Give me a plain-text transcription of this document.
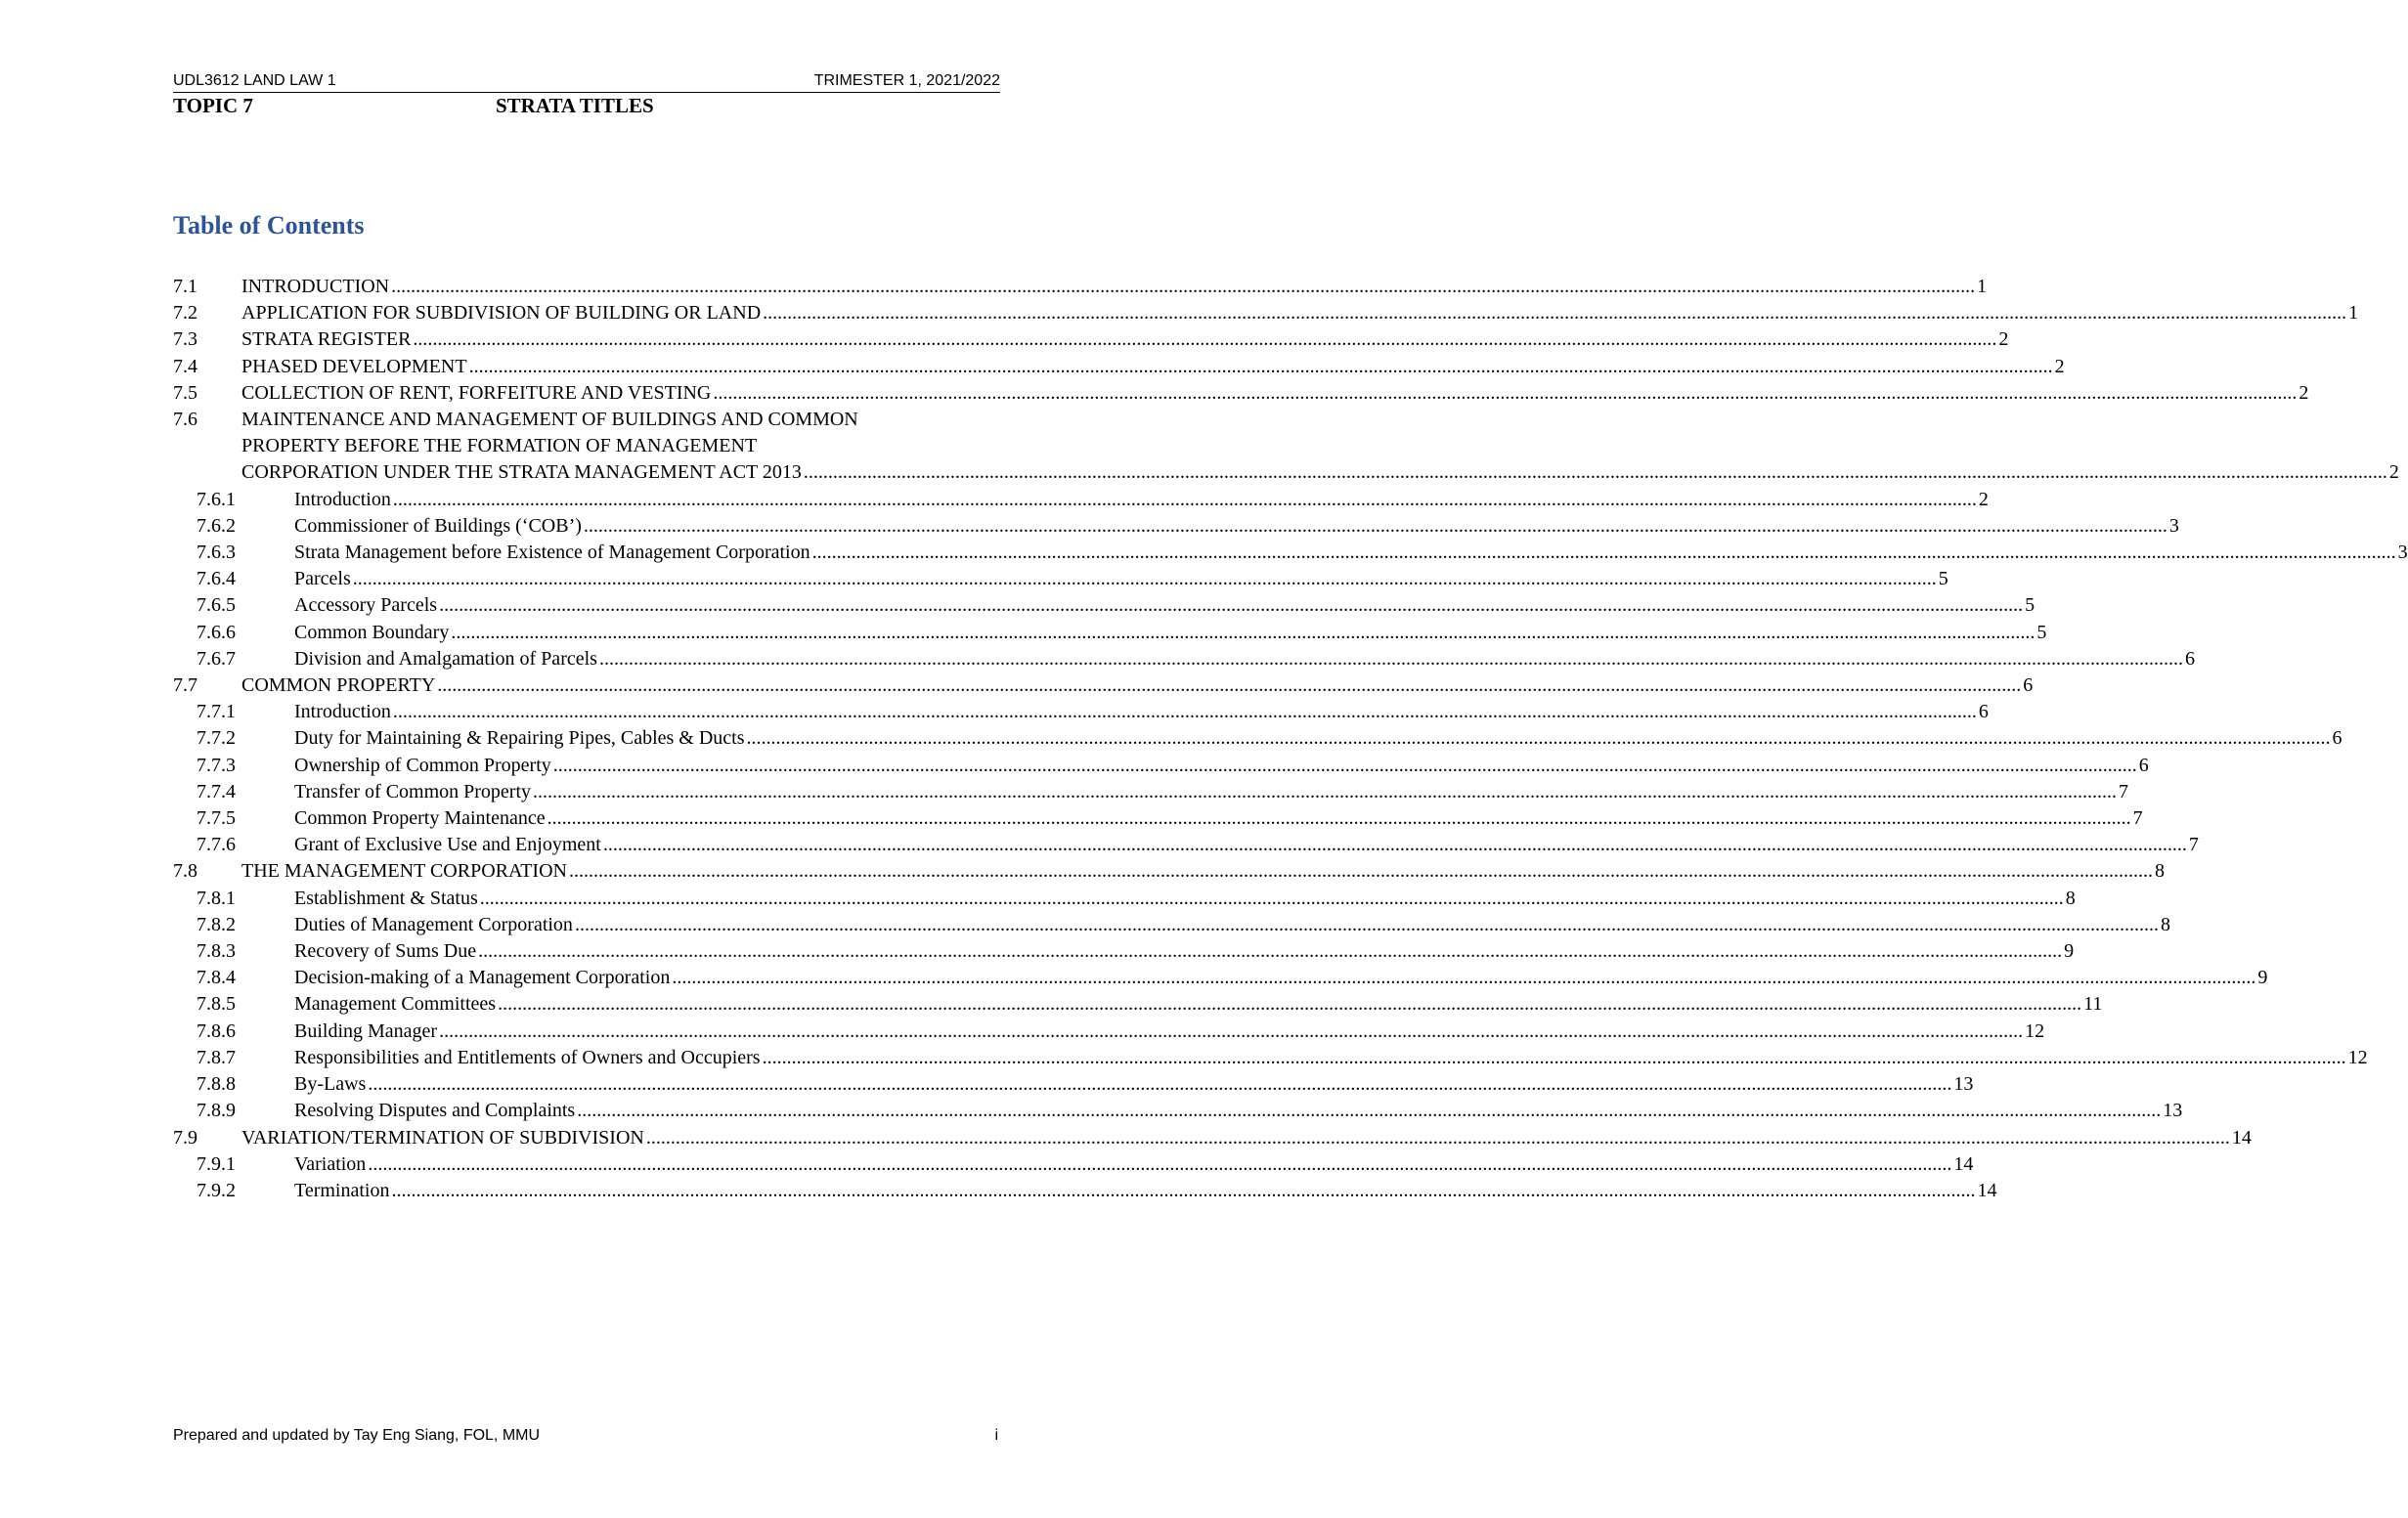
UDL3612 LAND LAW 1	TRIMESTER 1, 2021/2022
TOPIC 7	STRATA TITLES
Table of Contents
7.1	INTRODUCTION .....	1
7.2	APPLICATION FOR SUBDIVISION OF BUILDING OR LAND .....	1
7.3	STRATA REGISTER .....	2
7.4	PHASED DEVELOPMENT .....	2
7.5	COLLECTION OF RENT, FORFEITURE AND VESTING .....	2
7.6	MAINTENANCE AND MANAGEMENT OF BUILDINGS AND COMMON
PROPERTY BEFORE THE FORMATION OF MANAGEMENT
CORPORATION UNDER THE STRATA MANAGEMENT ACT 2013 .....	2
7.6.1	Introduction .....	2
7.6.2	Commissioner of Buildings (‘COB’) .....	3
7.6.3	Strata Management before Existence of Management Corporation .....	3
7.6.4	Parcels .....	5
7.6.5	Accessory Parcels .....	5
7.6.6	Common Boundary .....	5
7.6.7	Division and Amalgamation of Parcels .....	6
7.7	COMMON PROPERTY .....	6
7.7.1	Introduction .....	6
7.7.2	Duty for Maintaining & Repairing Pipes, Cables & Ducts .....	6
7.7.3	Ownership of Common Property .....	6
7.7.4	Transfer of Common Property .....	7
7.7.5	Common Property Maintenance .....	7
7.7.6	Grant of Exclusive Use and Enjoyment .....	7
7.8	THE MANAGEMENT CORPORATION .....	8
7.8.1	Establishment & Status .....	8
7.8.2	Duties of Management Corporation .....	8
7.8.3	Recovery of Sums Due .....	9
7.8.4	Decision-making of a Management Corporation .....	9
7.8.5	Management Committees .....	11
7.8.6	Building Manager .....	12
7.8.7	Responsibilities and Entitlements of Owners and Occupiers .....	12
7.8.8	By-Laws .....	13
7.8.9	Resolving Disputes and Complaints .....	13
7.9	VARIATION/TERMINATION OF SUBDIVISION .....	14
7.9.1	Variation .....	14
7.9.2	Termination .....	14
Prepared and updated by Tay Eng Siang, FOL, MMU	i
